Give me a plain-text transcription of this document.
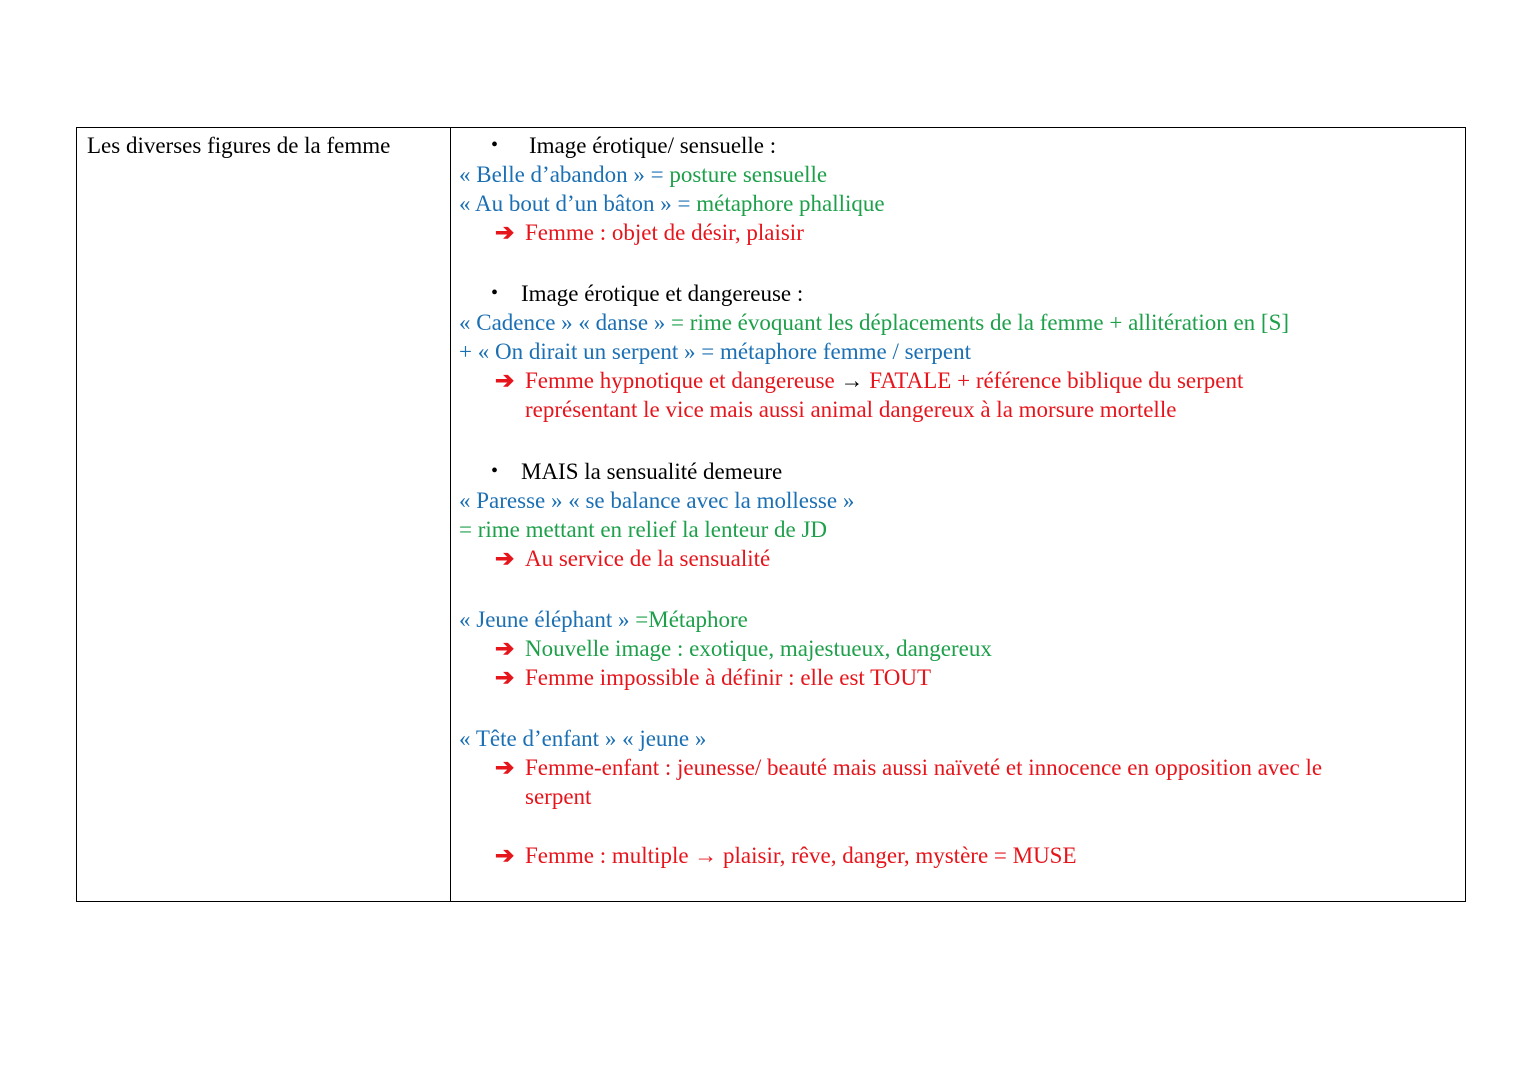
Les diverses figures de la femme	• Image érotique/ sensuelle :
« Belle d’abandon » = posture sensuelle
« Au bout d’un bâton » = métaphore phallique
➔ Femme : objet de désir, plaisir
• Image érotique et dangereuse :
« Cadence » « danse » = rime évoquant les déplacements de la femme + allitération en [S]
+ « On dirait un serpent » = métaphore femme / serpent
➔ Femme hypnotique et dangereuse → FATALE + référence biblique du serpent
représentant le vice mais aussi animal dangereux à la morsure mortelle
• MAIS la sensualité demeure
« Paresse » « se balance avec la mollesse »
= rime mettant en relief la lenteur de JD
➔ Au service de la sensualité
« Jeune éléphant » =Métaphore
➔ Nouvelle image : exotique, majestueux, dangereux
➔ Femme impossible à définir : elle est TOUT
« Tête d’enfant » « jeune »
➔ Femme-enfant : jeunesse/ beauté mais aussi naïveté et innocence en opposition avec le
serpent
➔ Femme : multiple → plaisir, rêve, danger, mystère = MUSE
